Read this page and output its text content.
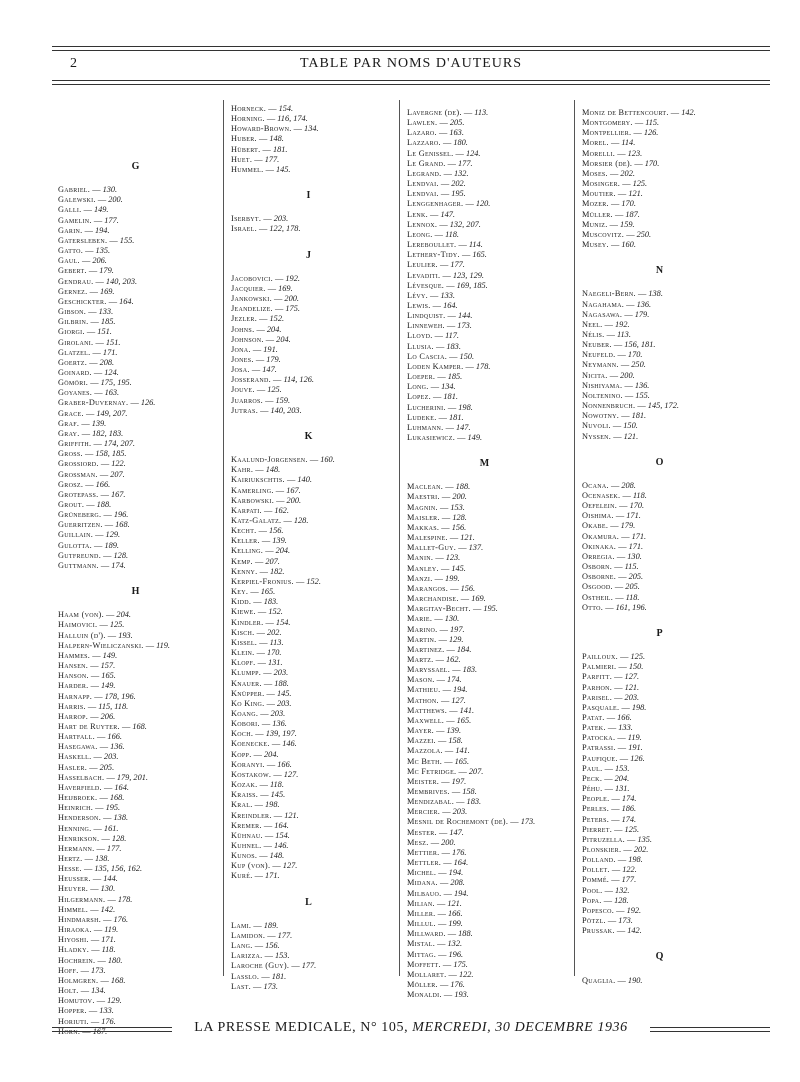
2	TABLE PAR NOMS D'AUTEURS
G
Gabriel. — 130.
Galewski. — 200.
Galli. — 149.
Gamelin. — 177.
Garin. — 194.
Gatersleben. — 155.
Gatto. — 135.
Gaul. — 206.
Gebert. — 179.
Gendrau. — 140, 203.
Gernez. — 169.
Geschickter. — 164.
Gibson. — 133.
Gilbrin. — 185.
Giorgi. — 151.
Girolani. — 151.
Glatzel. — 171.
Goertz. — 208.
Goinard. — 124.
Gömöri. — 175, 195.
Goyanes. — 163.
Graber-Duvernay. — 126.
Grace. — 149, 207.
Graf. — 139.
Gray. — 182, 183.
Griffith. — 174, 207.
Gross. — 158, 185.
Grossiord. — 122.
Grossman. — 207.
Grosz. — 166.
Grotepass. — 167.
Grout. — 188.
Grüneberg. — 196.
Guerritzen. — 168.
Guillain. — 129.
Gulotta. — 189.
Gutfreund. — 128.
Guttmann. — 174.
H
Haam (von). — 204.
Haimovici. — 125.
Halluin (d'). — 193.
Halpern-Wieliczanski. — 119.
Hammes. — 149.
Hansen. — 157.
Hanson. — 165.
Harder. — 149.
Harnapp. — 178, 196.
Harris. — 115, 118.
Harrop. — 206.
Hart de Ruyter. — 168.
Hartfall. — 166.
Hasegawa. — 136.
Haskell. — 203.
Hasler. — 205.
Hasselbach. — 179, 201.
Haverfield. — 164.
Heijbroek. — 168.
Heinrich. — 195.
Henderson. — 138.
Henning. — 161.
Henrikson. — 128.
Hermann. — 177.
Hertz. — 138.
Hesse. — 135, 156, 162.
Heusser. — 144.
Heuyer. — 130.
Hilgermann. — 178.
Himmel. — 142.
Hindmarsh. — 176.
Hiraoka. — 119.
Hiyoshi. — 171.
Hladky. — 118.
Hochrein. — 180.
Hoff. — 173.
Holmgren. — 168.
Holt. — 134.
Homutov. — 129.
Hopper. — 133.
Horiuti. — 176.
Horn. — 167.
Horneck. — 154.
Horning. — 116, 174.
Howard-Brown. — 134.
Huber. — 148.
Hübert. — 181.
Huet. — 177.
Hummel. — 145.
I
Iserbyt. — 203.
Israel. — 122, 178.
J
Jacobovici. — 192.
Jacquier. — 169.
Jankowski. — 200.
Jeandelize. — 175.
Jezler. — 152.
Johns. — 204.
Johnson. — 204.
Jona. — 191.
Jones. — 179.
Josa. — 147.
Josserand. — 114, 126.
Jouve. — 125.
Juarros. — 159.
Jutras. — 140, 203.
K
Kaalund-Jorgensen. — 160.
Kahr. — 148.
Kairiukschtis. — 140.
Kamerling. — 167.
Karbowski. — 200.
Karpati. — 162.
Katz-Galatz. — 128.
Kecht. — 156.
Keller. — 139.
Kelling. — 204.
Kemp. — 207.
Kenny. — 182.
Kerpiel-Fronius. — 152.
Key. — 165.
Kidd. — 183.
Kiewe. — 152.
Kindler. — 154.
Kisch. — 202.
Kissel. — 113.
Klein. — 170.
Klopf. — 131.
Klumpp. — 203.
Knauer. — 188.
Knüpper. — 145.
Ko King. — 203.
Koang. — 203.
Kobori. — 136.
Koch. — 139, 197.
Koenecke. — 146.
Kopp. — 204.
Koranyi. — 166.
Kostakow. — 127.
Kozak. — 118.
Kraiss. — 145.
Kral. — 198.
Kreindler. — 121.
Kremer. — 164.
Kühnau. — 154.
Kuhnel. — 146.
Kunos. — 148.
Kup (von). — 127.
Kuré. — 171.
L
Lami. — 189.
Lamidon. — 177.
Lang. — 156.
Larizza. — 153.
Laroche (Guy). — 177.
Lasslo. — 181.
Last. — 173.
Lavergne (de). — 113.
Lawlen. — 205.
Lazaro. — 163.
Lazzaro. — 180.
Le Genissel. — 124.
Le Grand. — 177.
Legrand. — 132.
Lendvai. — 202.
Lendvai. — 195.
Lenggenhager. — 120.
Lenk. — 147.
Lennox. — 132, 207.
Leong. — 118.
Lereboullet. — 114.
Lethery-Tidy. — 165.
Leulier. — 177.
Levaditi. — 123, 129.
Lévesque. — 169, 185.
Lévy. — 133.
Lewis. — 164.
Lindquist. — 144.
Linneweh. — 173.
Lloyd. — 117.
Llusia. — 183.
Lo Cascia. — 150.
Loden Kamper. — 178.
Loeper. — 185.
Long. — 134.
Lopez. — 181.
Lucherini. — 198.
Ludeke. — 181.
Luhmann. — 147.
Lukasiewicz. — 149.
M
Maclean. — 188.
Maestri. — 200.
Magnin. — 153.
Maisler. — 128.
Makkas. — 156.
Malespine. — 121.
Mallet-Guy. — 137.
Manin. — 123.
Manley. — 145.
Manzi. — 199.
Marangos. — 156.
Marchandise. — 169.
Margitay-Becht. — 195.
Marie. — 130.
Marino. — 197.
Martin. — 129.
Martinez. — 184.
Martz. — 162.
Maryssael. — 183.
Mason. — 174.
Mathieu. — 194.
Mathon. — 127.
Matthews. — 141.
Maxwell. — 165.
Mayer. — 139.
Mazzei. — 158.
Mazzola. — 141.
Mc Beth. — 165.
Mc Fetridge. — 207.
Meister. — 197.
Membrives. — 158.
Mendizabal. — 183.
Mercier. — 203.
Mesnil de Rochemont (de). — 173.
Mester. — 147.
Mesz. — 200.
Mettier. — 176.
Mettler. — 164.
Michel. — 194.
Midana. — 208.
Milbauo. — 194.
Milian. — 121.
Miller. — 166.
Millul. — 199.
Millward. — 188.
Mistal. — 132.
Mittag. — 196.
Moffett. — 175.
Mollaret. — 122.
Möller. — 176.
Monaldi. — 193.
Moniz de Bettencourt. — 142.
Montgomery. — 115.
Montpellier. — 126.
Morel. — 114.
Morelli. — 123.
Morsier (de). — 170.
Moses. — 202.
Mosinger. — 125.
Moutier. — 121.
Mozer. — 170.
Müller. — 187.
Muniz. — 159.
Muscovitz. — 250.
Musey. — 160.
N
Naegeli-Bern. — 138.
Nagahama. — 136.
Nagasawa. — 179.
Neel. — 192.
Nélis. — 113.
Neuber. — 156, 181.
Neufeld. — 170.
Neymann. — 250.
Nicita. — 200.
Nishiyama. — 136.
Noltenino. — 155.
Nonnenbruch. — 145, 172.
Nowotny. — 181.
Nuvoli. — 150.
Nyssen. — 121.
O
Ocana. — 208.
Ocenasek. — 118.
Oefelein. — 170.
Oishima. — 171.
Okabe. — 179.
Okamura. — 171.
Okinaka. — 171.
Orregia. — 130.
Osborn. — 115.
Osborne. — 205.
Osgood. — 205.
Ostheil. — 118.
Otto. — 161, 196.
P
Pailloux. — 125.
Palmieri. — 150.
Parfitt. — 127.
Parhon. — 121.
Parisel. — 203.
Pasquale. — 198.
Patat. — 166.
Patek. — 133.
Patocka. — 119.
Patrassi. — 191.
Paufique. — 126.
Paul. — 153.
Peck. — 204.
Péhu. — 131.
People. — 174.
Perles. — 186.
Peters. — 174.
Pierret. — 125.
Pitruzella. — 135.
Plonskier. — 202.
Polland. — 198.
Pollet. — 122.
Pommé. — 177.
Pool. — 132.
Popa. — 128.
Popesco. — 192.
Pötzl. — 173.
Prussak. — 142.
Q
Quaglia. — 190.
LA PRESSE MEDICALE, N° 105, MERCREDI, 30 DECEMBRE 1936
